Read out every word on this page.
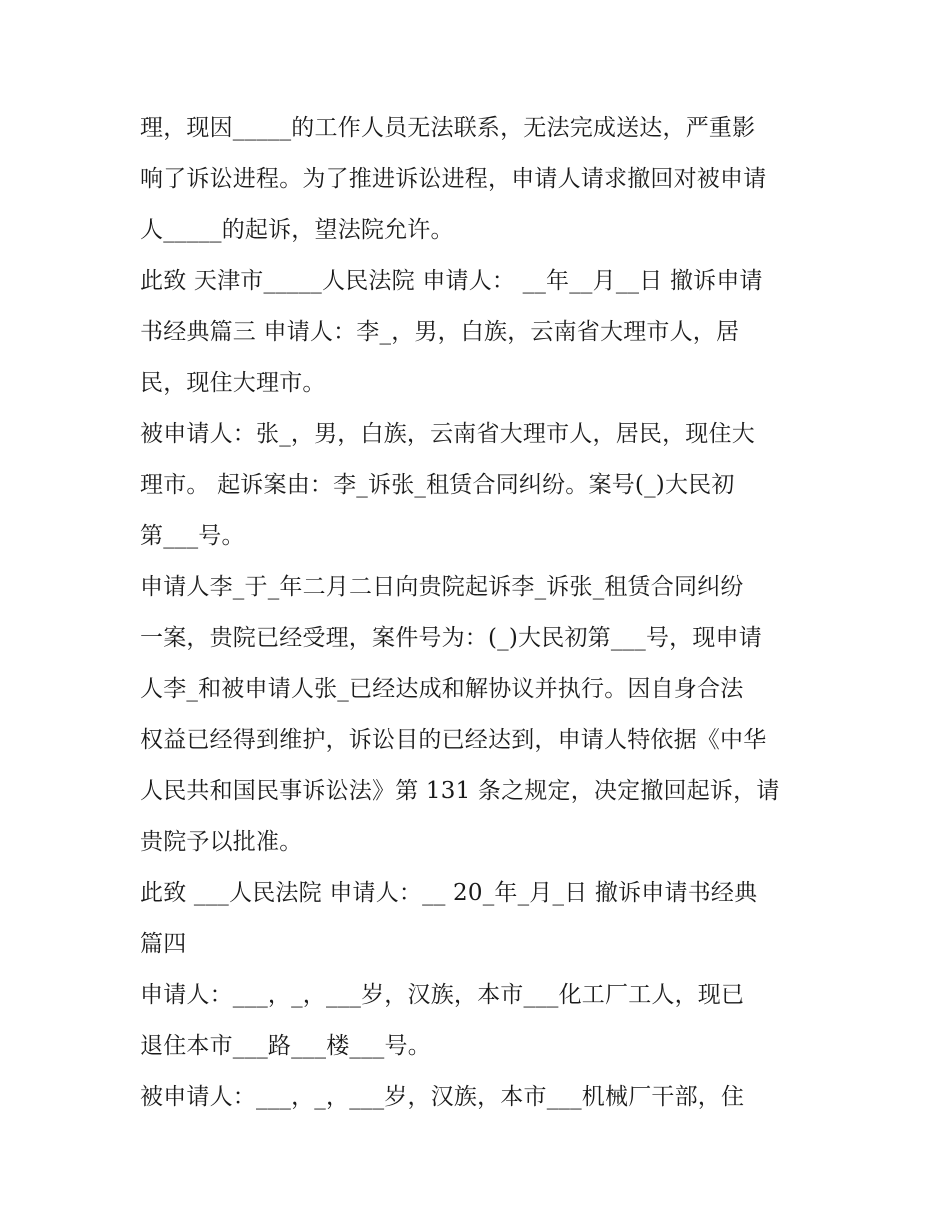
理，现因_____的工作人员无法联系，无法完成送达，严重影
响了诉讼进程。为了推进诉讼进程，申请人请求撤回对被申请
人_____的起诉，望法院允许。
此致 天津市_____人民法院 申请人： __年__月__日 撤诉申请
书经典篇三 申请人：李_，男，白族，云南省大理市人，居
民，现住大理市。
被申请人：张_，男，白族，云南省大理市人，居民，现住大
理市。 起诉案由：李_诉张_租赁合同纠纷。案号(_)大民初
第___号。
申请人李_于_年二月二日向贵院起诉李_诉张_租赁合同纠纷
一案，贵院已经受理，案件号为：(_)大民初第___号，现申请
人李_和被申请人张_已经达成和解协议并执行。因自身合法
权益已经得到维护，诉讼目的已经达到，申请人特依据《中华
人民共和国民事诉讼法》第 131 条之规定，决定撤回起诉，请
贵院予以批准。
此致 ___人民法院 申请人：__ 20_年_月_日 撤诉申请书经典
篇四
申请人：___，_，___岁，汉族，本市___化工厂工人，现已
退住本市___路___楼___号。
被申请人：___，_，___岁，汉族，本市___机械厂干部，住
